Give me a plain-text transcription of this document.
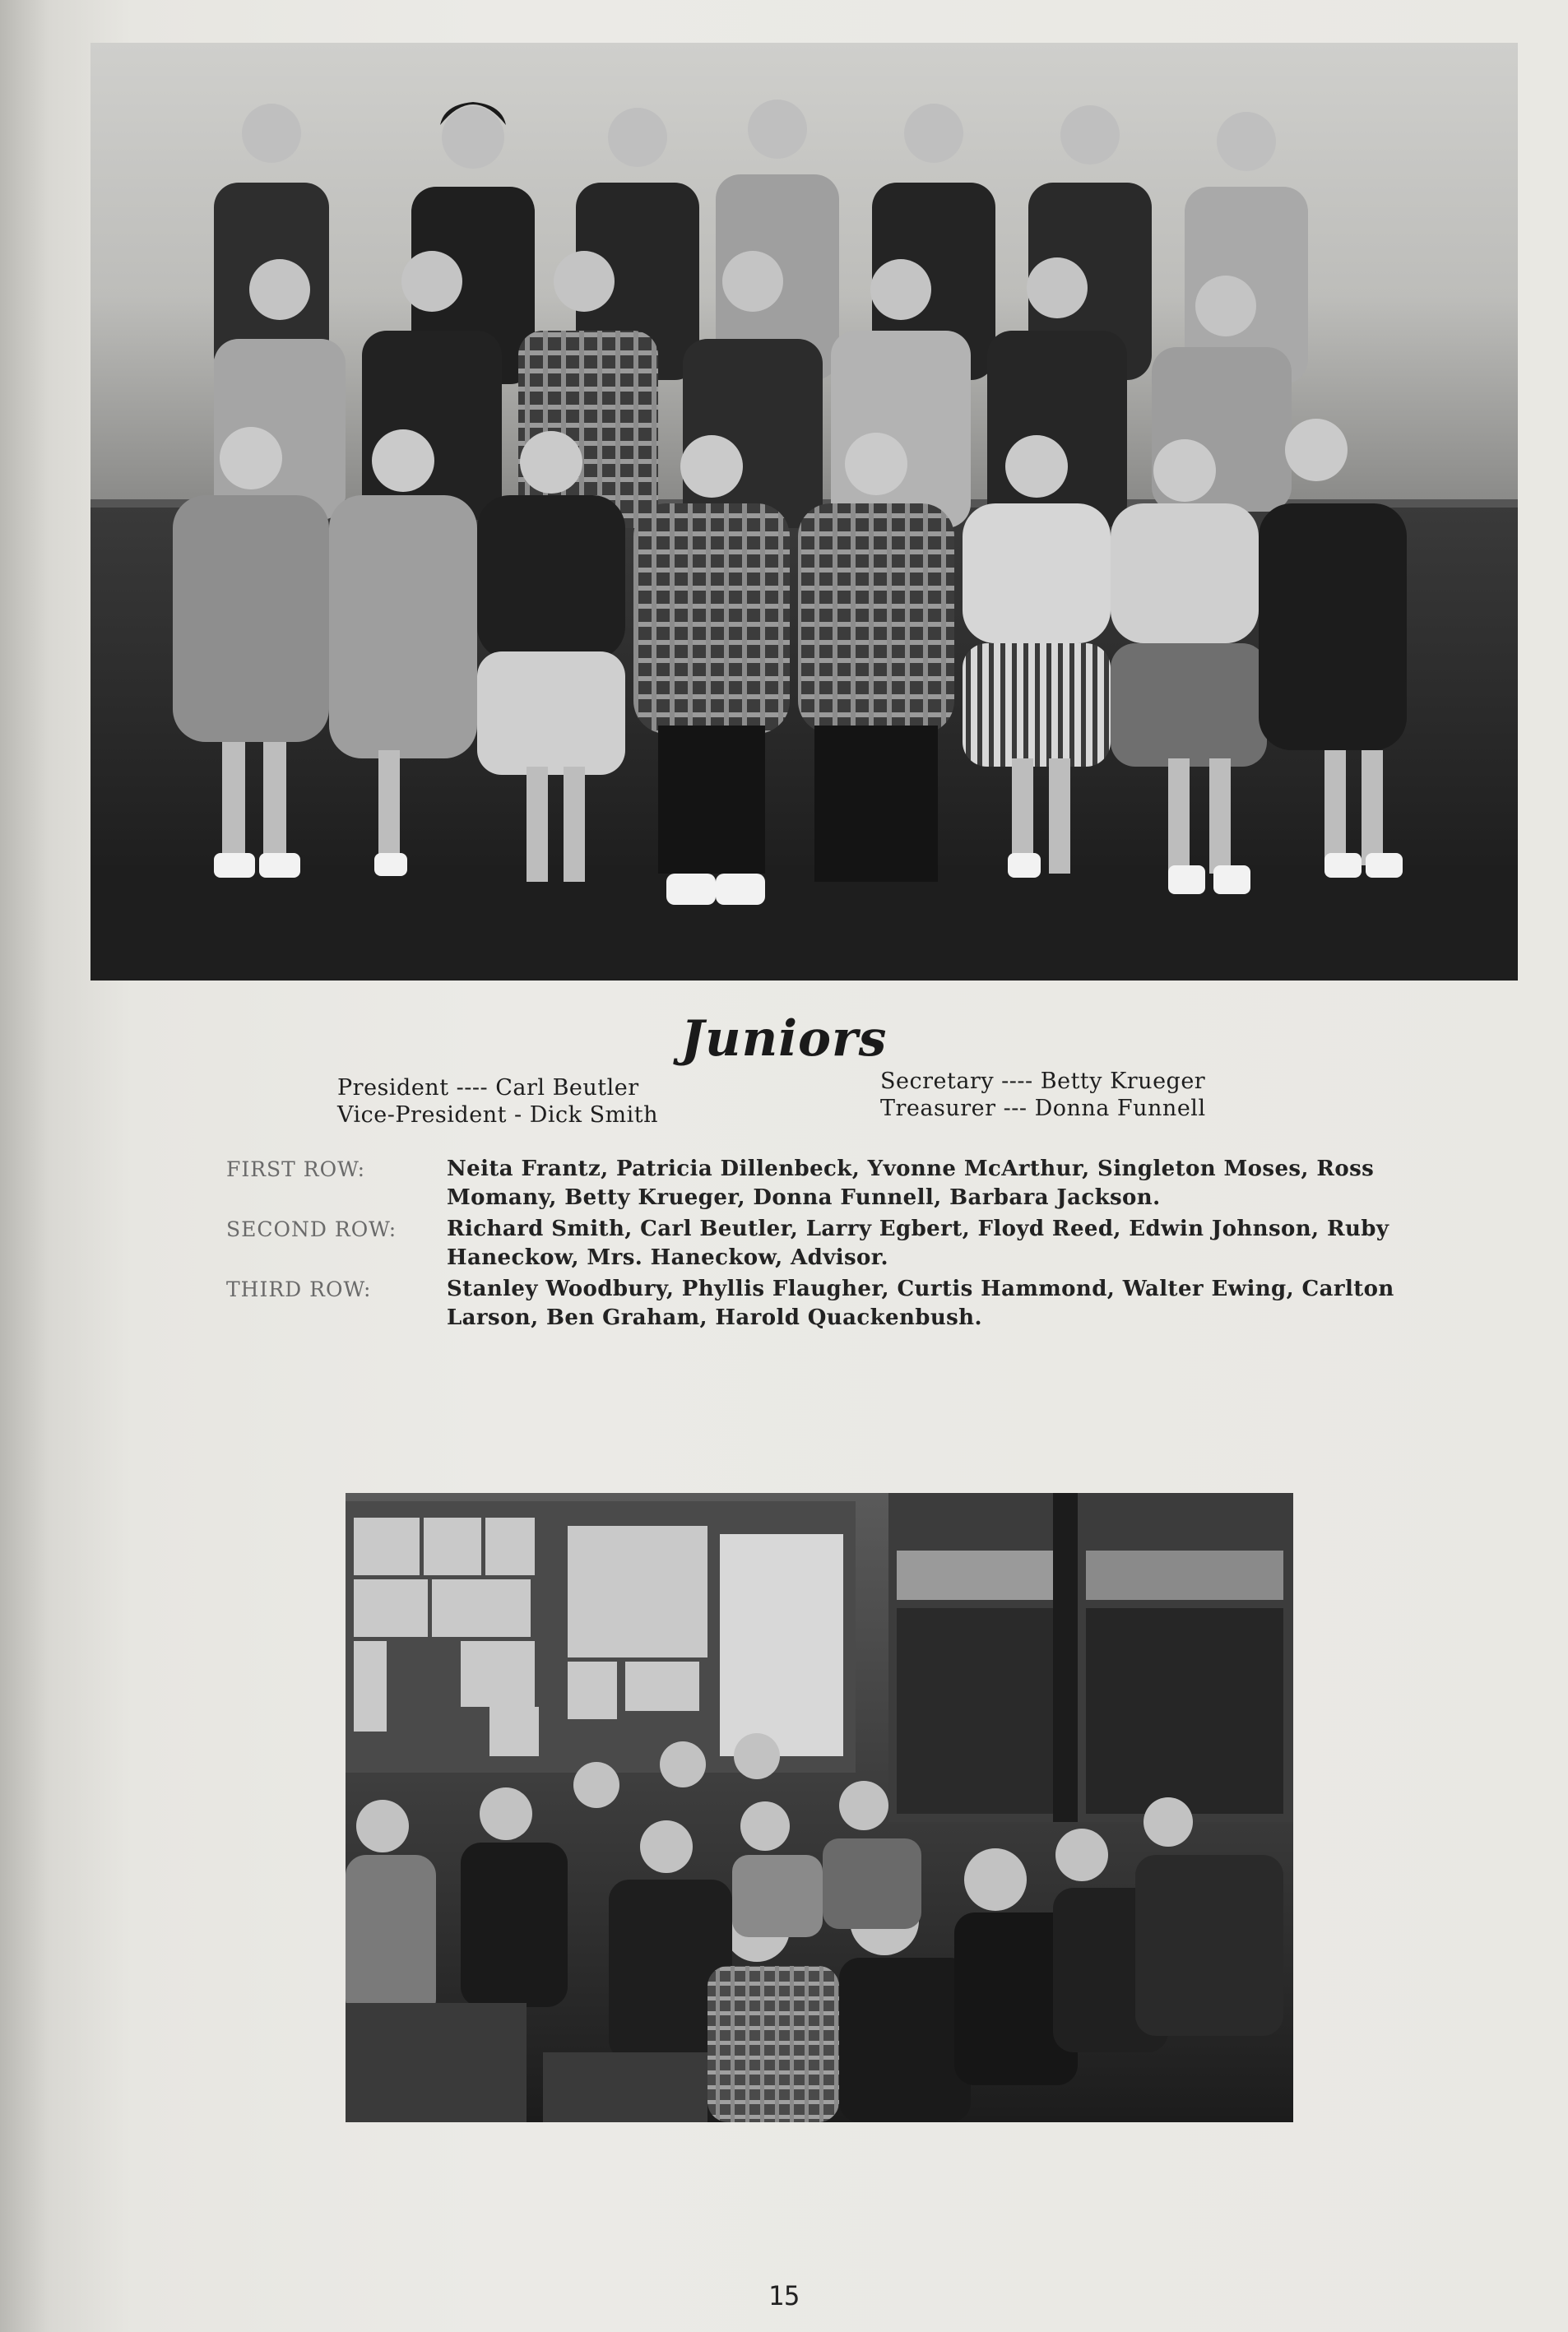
Juniors
President ---- Carl Beutler
Vice-President - Dick Smith
Secretary ---- Betty Krueger
Treasurer --- Donna Funnell
FIRST ROW:	Neita Frantz, Patricia Dillenbeck, Yvonne McArthur, Singleton Moses, Ross Momany, Betty Krueger, Donna Funnell, Barbara Jackson.
SECOND ROW:	Richard Smith, Carl Beutler, Larry Egbert, Floyd Reed, Edwin Johnson, Ruby Haneckow, Mrs. Haneckow, Advisor.
THIRD ROW:	Stanley Woodbury, Phyllis Flaugher, Curtis Hammond, Walter Ewing, Carlton Larson, Ben Graham, Harold Quackenbush.
15
